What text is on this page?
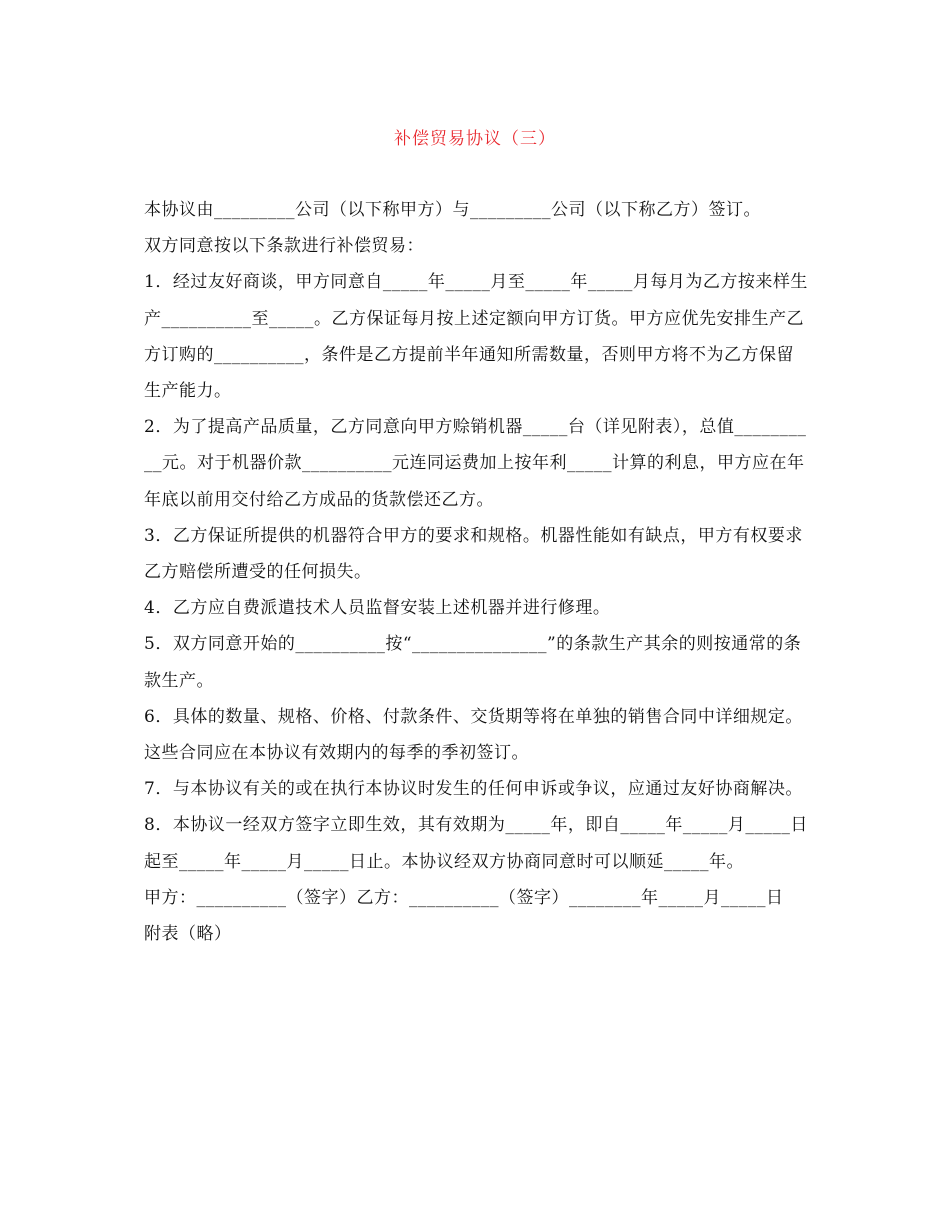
补偿贸易协议（三）

本协议由_________公司（以下称甲方）与_________公司（以下称乙方）签订。

双方同意按以下条款进行补偿贸易：

1．经过友好商谈，甲方同意自_____年_____月至_____年_____月每月为乙方按来样生产__________至_____。乙方保证每月按上述定额向甲方订货。甲方应优先安排生产乙方订购的__________，条件是乙方提前半年通知所需数量，否则甲方将不为乙方保留生产能力。

2．为了提高产品质量，乙方同意向甲方赊销机器_____台（详见附表），总值__________元。对于机器价款__________元连同运费加上按年利_____计算的利息，甲方应在年年底以前用交付给乙方成品的货款偿还乙方。

3．乙方保证所提供的机器符合甲方的要求和规格。机器性能如有缺点，甲方有权要求乙方赔偿所遭受的任何损失。

4．乙方应自费派遣技术人员监督安装上述机器并进行修理。

5．双方同意开始的__________按“_______________”的条款生产其余的则按通常的条款生产。

6．具体的数量、规格、价格、付款条件、交货期等将在单独的销售合同中详细规定。这些合同应在本协议有效期内的每季的季初签订。

7．与本协议有关的或在执行本协议时发生的任何申诉或争议，应通过友好协商解决。

8．本协议一经双方签字立即生效，其有效期为_____年，即自_____年_____月_____日起至_____年_____月_____日止。本协议经双方协商同意时可以顺延_____年。

甲方：__________（签字）乙方：__________（签字）________年_____月_____日

附表（略）
